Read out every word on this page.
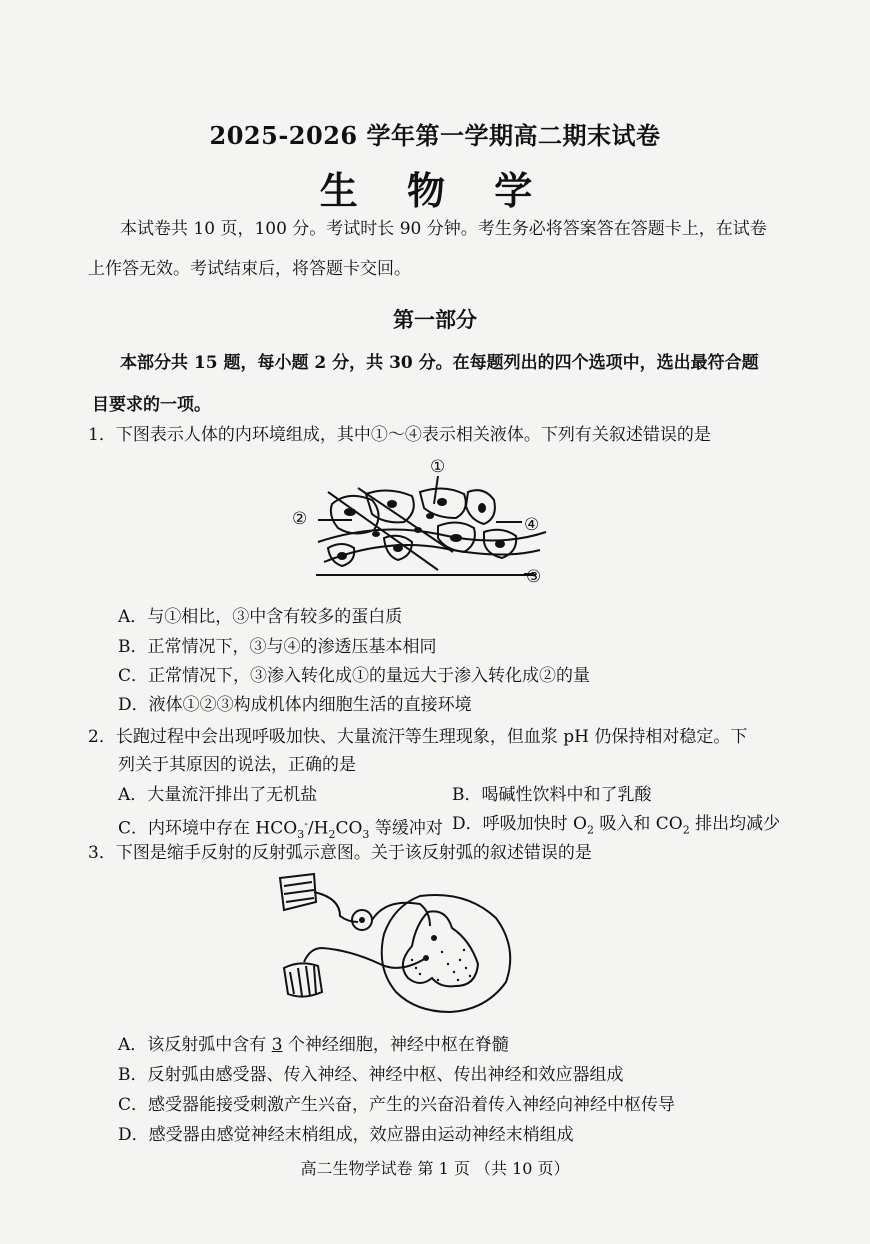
2025-2026 学年第一学期高二期末试卷
生 物 学
本试卷共 10 页，100 分。考试时长 90 分钟。考生务必将答案答在答题卡上，在试卷
上作答无效。考试结束后，将答题卡交回。
第一部分
本部分共 15 题，每小题 2 分，共 30 分。在每题列出的四个选项中，选出最符合题
目要求的一项。
1．下图表示人体的内环境组成，其中①～④表示相关液体。下列有关叙述错误的是
①
②	④
③
A．与①相比，③中含有较多的蛋白质
B．正常情况下，③与④的渗透压基本相同
C．正常情况下，③渗入转化成①的量远大于渗入转化成②的量
D．液体①②③构成机体内细胞生活的直接环境
2．长跑过程中会出现呼吸加快、大量流汗等生理现象，但血浆 pH 仍保持相对稳定。下
列关于其原因的说法，正确的是
A．大量流汗排出了无机盐	B．喝碱性饮料中和了乳酸
C．内环境中存在 $HCO_3^-/H_2CO_3$ 等缓冲对 D．呼吸加快时 $O_2$ 吸入和 $CO_2$ 排出均减少
3．下图是缩手反射的反射弧示意图。关于该反射弧的叙述错误的是
A．该反射弧中含有 3 个神经细胞，神经中枢在脊髓
B．反射弧由感受器、传入神经、神经中枢、传出神经和效应器组成
C．感受器能接受刺激产生兴奋，产生的兴奋沿着传入神经向神经中枢传导
D．感受器由感觉神经末梢组成，效应器由运动神经末梢组成
高二生物学试卷 第 1 页 （共 10 页）
